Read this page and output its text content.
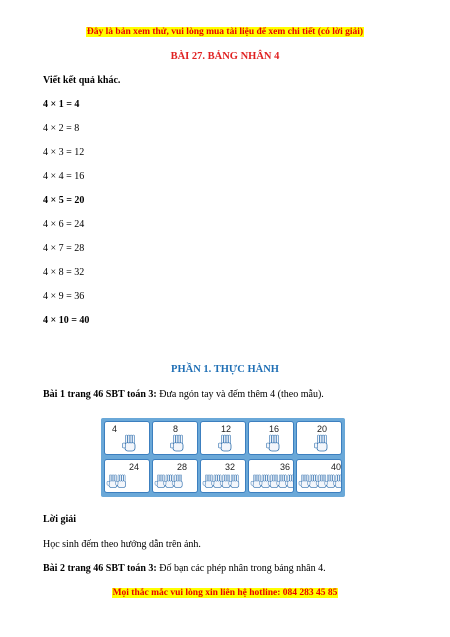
Đây là bản xem thử, vui lòng mua tài liệu để xem chi tiết (có lời giải)
BÀI 27. BẢNG NHÂN 4
Viết kết quả khác.
4 × 1 = 4
4 × 2 = 8
4 × 3 = 12
4 × 4 = 16
4 × 5 = 20
4 × 6 = 24
4 × 7 = 28
4 × 8 = 32
4 × 9 = 36
4 × 10 = 40
PHẦN 1. THỰC HÀNH
Bài 1 trang 46 SBT toán 3: Đưa ngón tay và đếm thêm 4 (theo mẫu).
4	8	12	16	20
24	28	32	36	40
Lời giải
Học sinh đếm theo hướng dẫn trên ảnh.
Bài 2 trang 46 SBT toán 3: Đố bạn các phép nhân trong bảng nhân 4.
Mọi thắc mắc vui lòng xin liên hệ hotline: 084 283 45 85
